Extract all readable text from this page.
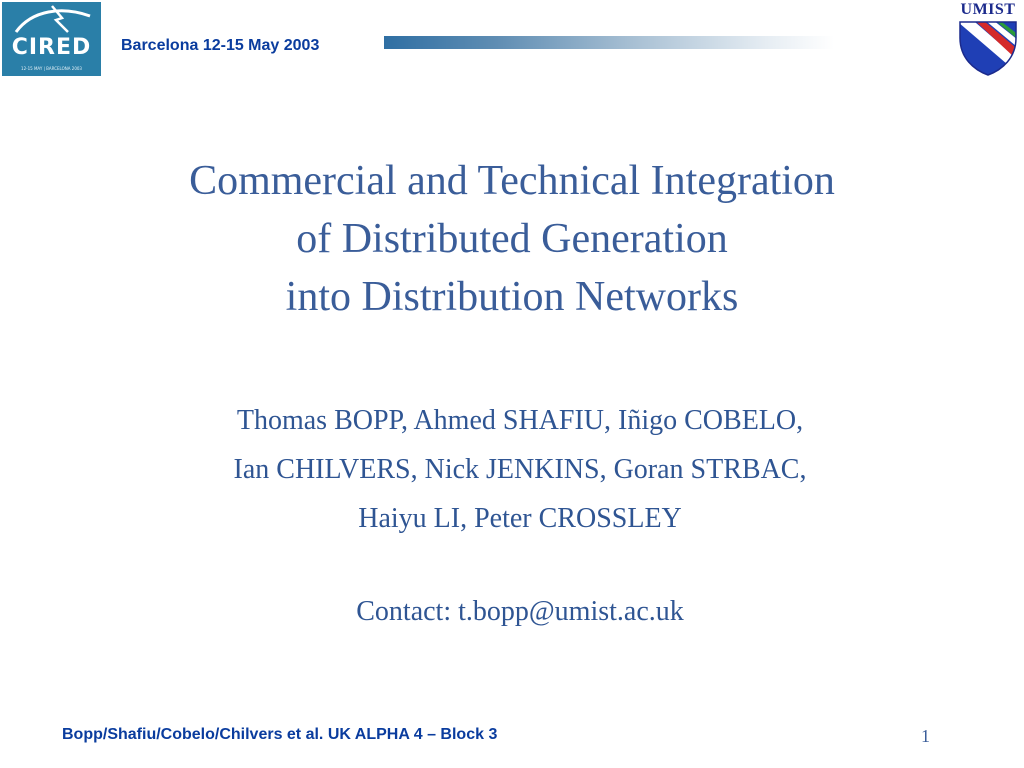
CIRED
12-15 MAY | BARCELONA 2003
Barcelona 12-15 May 2003
UMIST
Commercial and Technical Integration
of Distributed Generation
into Distribution Networks
Thomas BOPP, Ahmed SHAFIU, Iñigo COBELO,
Ian CHILVERS, Nick JENKINS, Goran STRBAC,
Haiyu LI, Peter CROSSLEY
Contact: t.bopp@umist.ac.uk
Bopp/Shafiu/Cobelo/Chilvers et al. UK ALPHA 4 – Block 3	1
